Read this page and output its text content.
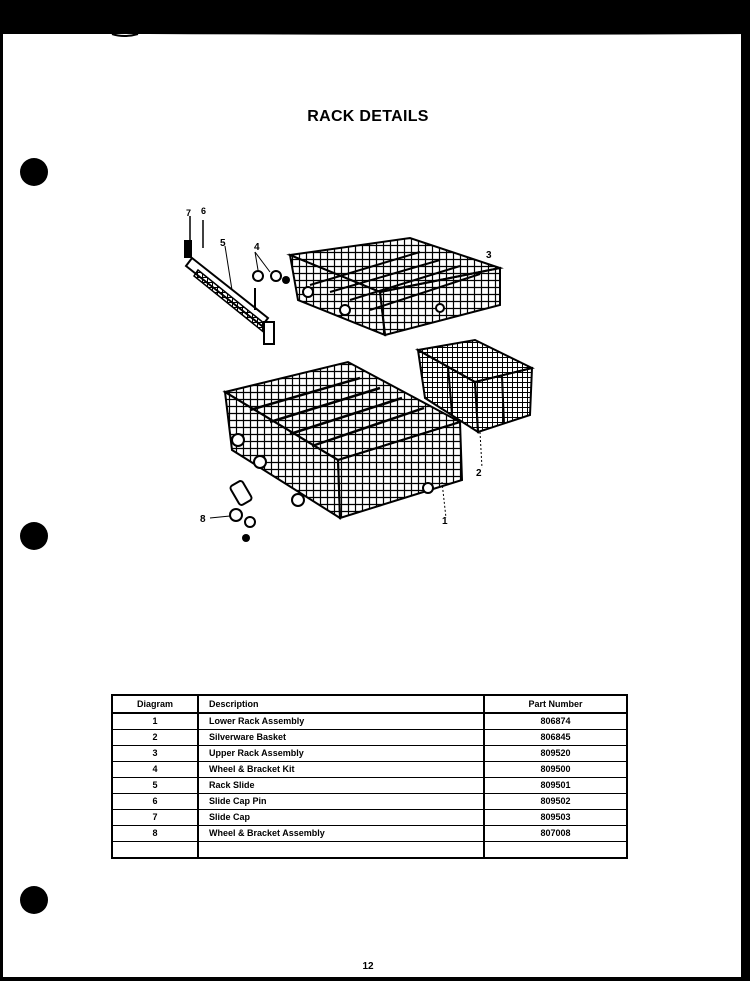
RACK DETAILS
3
2
1
5	4
7 6
8
Diagram	Description	Part Number
1	Lower Rack Assembly	806874
2	Silverware Basket	806845
3	Upper Rack Assembly	809520
4	Wheel & Bracket Kit	809500
5	Rack Slide	809501
6	Slide Cap Pin	809502
7	Slide Cap	809503
8	Wheel & Bracket Assembly	807008

12
